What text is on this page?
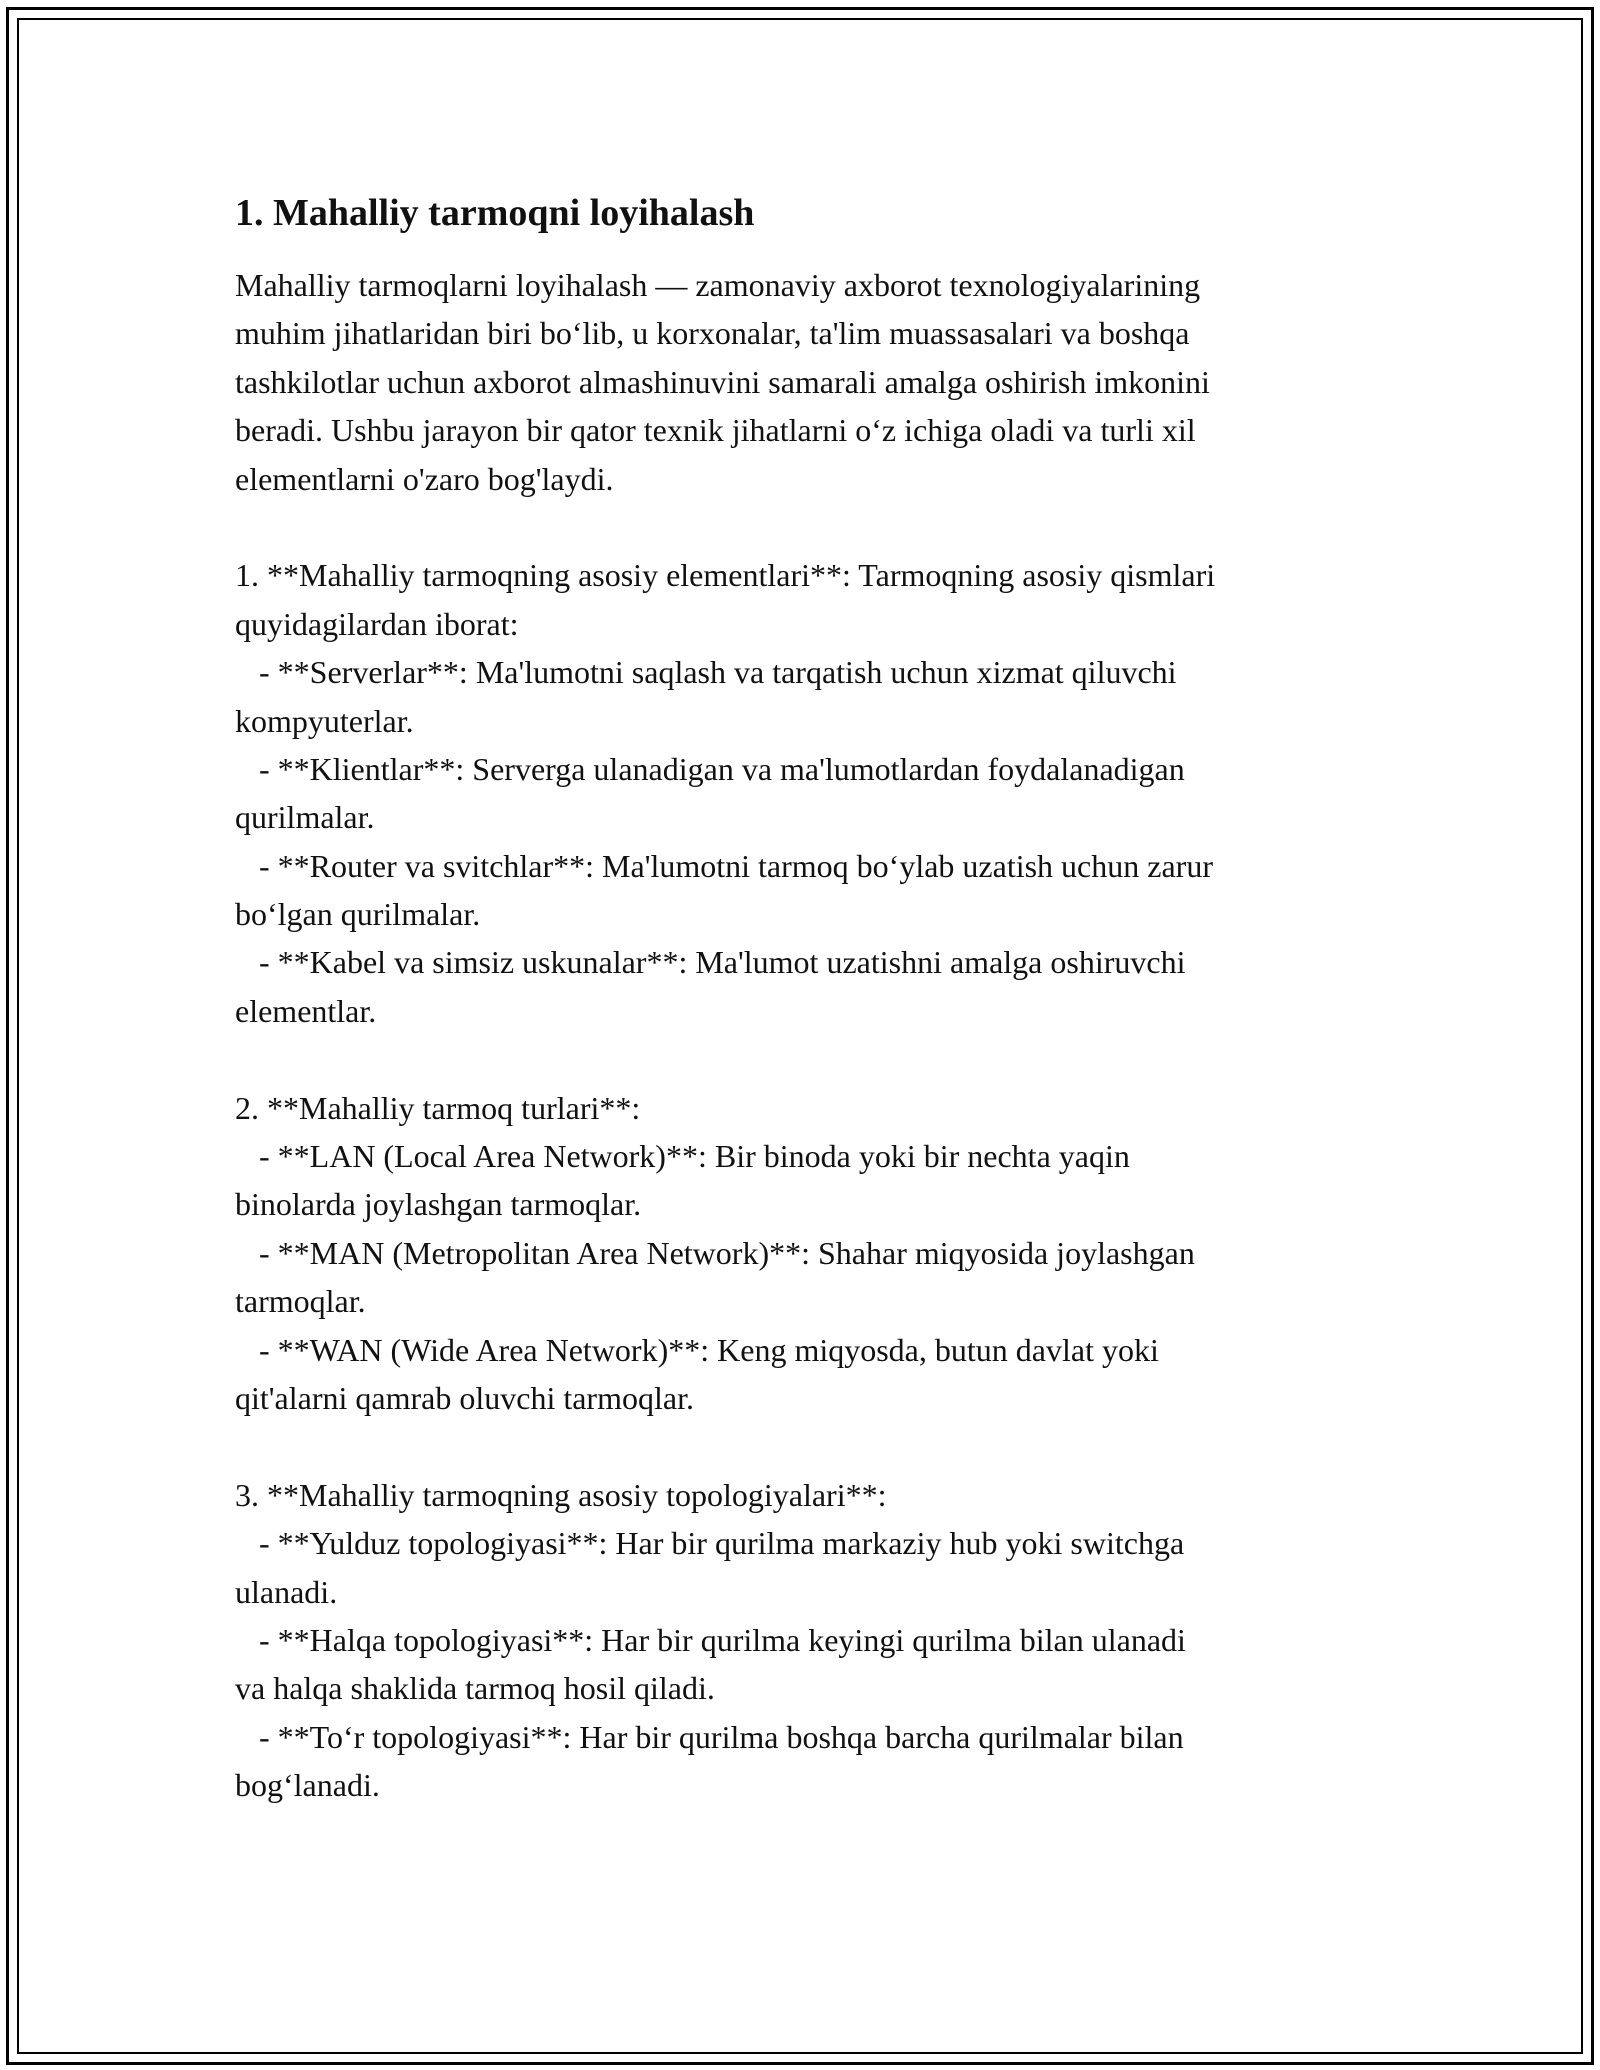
1. Mahalliy tarmoqni loyihalash
Mahalliy tarmoqlarni loyihalash — zamonaviy axborot texnologiyalarining
muhim jihatlaridan biri bo‘lib, u korxonalar, ta'lim muassasalari va boshqa
tashkilotlar uchun axborot almashinuvini samarali amalga oshirish imkonini
beradi. Ushbu jarayon bir qator texnik jihatlarni o‘z ichiga oladi va turli xil
elementlarni o'zaro bog'laydi.
1. **Mahalliy tarmoqning asosiy elementlari**: Tarmoqning asosiy qismlari
quyidagilardan iborat:
- **Serverlar**: Ma'lumotni saqlash va tarqatish uchun xizmat qiluvchi
kompyuterlar.
- **Klientlar**: Serverga ulanadigan va ma'lumotlardan foydalanadigan
qurilmalar.
- **Router va svitchlar**: Ma'lumotni tarmoq bo‘ylab uzatish uchun zarur
bo‘lgan qurilmalar.
- **Kabel va simsiz uskunalar**: Ma'lumot uzatishni amalga oshiruvchi
elementlar.
2. **Mahalliy tarmoq turlari**:
- **LAN (Local Area Network)**: Bir binoda yoki bir nechta yaqin
binolarda joylashgan tarmoqlar.
- **MAN (Metropolitan Area Network)**: Shahar miqyosida joylashgan
tarmoqlar.
- **WAN (Wide Area Network)**: Keng miqyosda, butun davlat yoki
qit'alarni qamrab oluvchi tarmoqlar.
3. **Mahalliy tarmoqning asosiy topologiyalari**:
- **Yulduz topologiyasi**: Har bir qurilma markaziy hub yoki switchga
ulanadi.
- **Halqa topologiyasi**: Har bir qurilma keyingi qurilma bilan ulanadi
va halqa shaklida tarmoq hosil qiladi.
- **To‘r topologiyasi**: Har bir qurilma boshqa barcha qurilmalar bilan
bog‘lanadi.
